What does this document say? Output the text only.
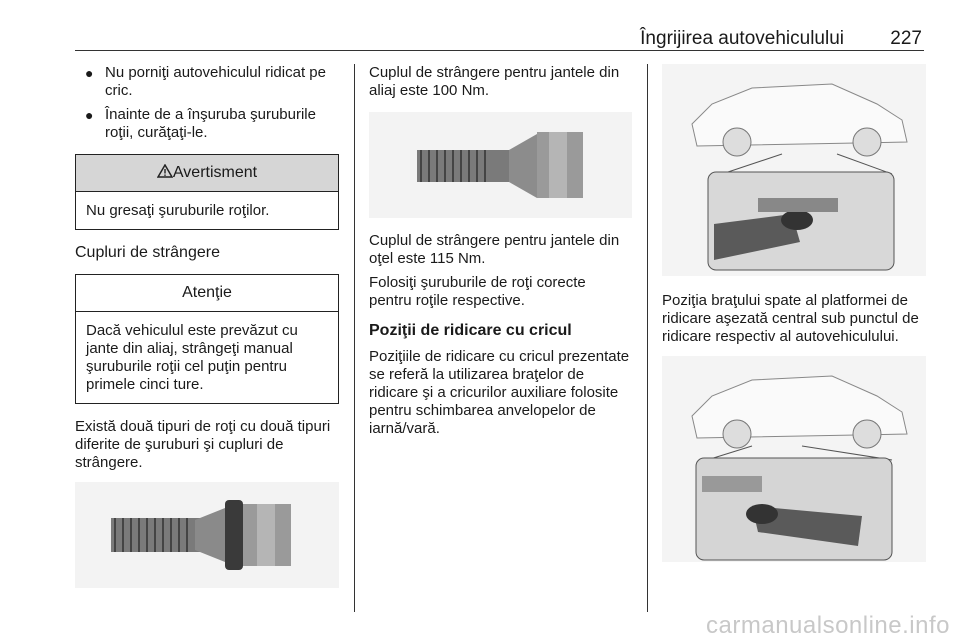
Îngrijirea autovehiculului 227
● Nu porniţi autovehiculul ridicat pe cric.
● Înainte de a înşuruba şuruburile roţii, curăţaţi-le.
Avertisment
Nu gresaţi şuruburile roţilor.
Cupluri de strângere
Atenţie
Dacă vehiculul este prevăzut cu jante din aliaj, strângeţi manual şuruburile roţii cel puţin pentru primele cinci ture.

Există două tipuri de roţi cu două tipuri diferite de şuruburi şi cupluri de strângere.

Cuplul de strângere pentru jantele din aliaj este 100 Nm.

Cuplul de strângere pentru jantele din oţel este 115 Nm.

Folosiţi şuruburile de roţi corecte pentru roţile respective.

Poziţii de ridicare cu cricul

Poziţiile de ridicare cu cricul prezentate se referă la utilizarea braţelor de ridicare şi a cricurilor auxiliare folosite pentru schimbarea anvelopelor de iarnă/vară.

Poziţia braţului spate al platformei de ridicare aşezată central sub punctul de ridicare respectiv al autovehiculului.

carmanualsonline.info
